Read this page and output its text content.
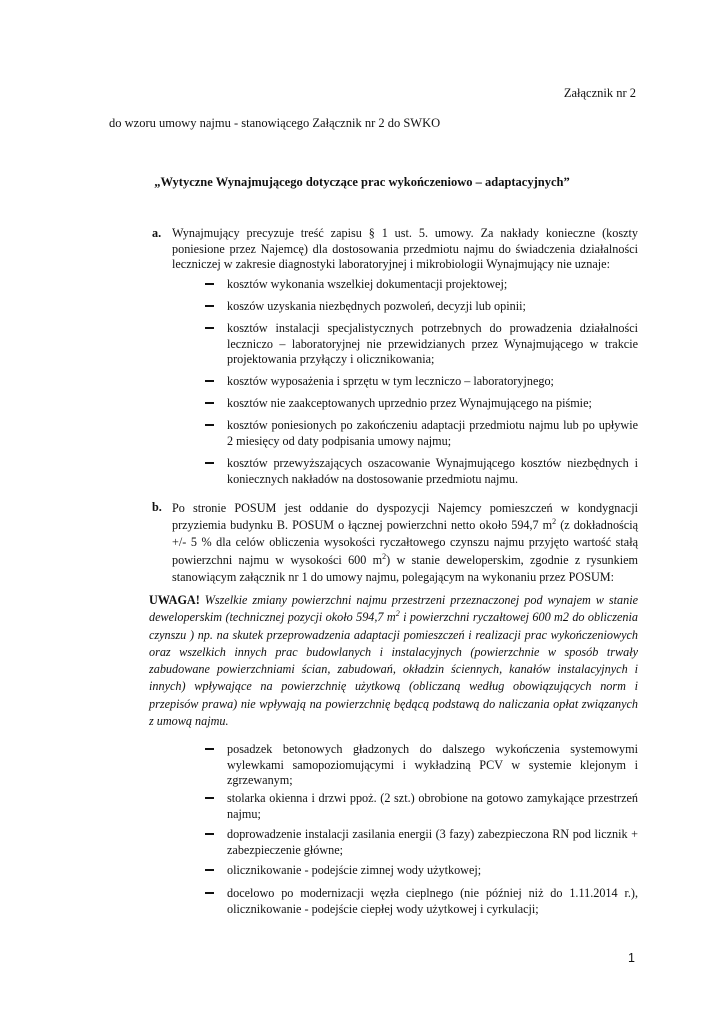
Załącznik nr 2
do wzoru umowy najmu - stanowiącego Załącznik nr 2 do SWKO
„Wytyczne Wynajmującego dotyczące prac wykończeniowo – adaptacyjnych”
a. Wynajmujący precyzuje treść zapisu § 1 ust. 5. umowy. Za nakłady konieczne (koszty poniesione przez Najemcę) dla dostosowania przedmiotu najmu do świadczenia działalności leczniczej w zakresie diagnostyki laboratoryjnej i mikrobiologii Wynajmujący nie uznaje:
kosztów wykonania wszelkiej dokumentacji projektowej;
koszów uzyskania niezbędnych pozwoleń, decyzji lub opinii;
kosztów instalacji specjalistycznych potrzebnych do prowadzenia działalności leczniczo – laboratoryjnej nie przewidzianych przez Wynajmującego w trakcie projektowania przyłączy i olicznikowania;
kosztów wyposażenia i sprzętu w tym leczniczo – laboratoryjnego;
kosztów nie zaakceptowanych uprzednio przez Wynajmującego na piśmie;
kosztów poniesionych po zakończeniu adaptacji przedmiotu najmu lub po upływie 2 miesięcy od daty podpisania umowy najmu;
kosztów przewyższających oszacowanie Wynajmującego kosztów niezbędnych i koniecznych nakładów na dostosowanie przedmiotu najmu.
b. Po stronie POSUM jest oddanie do dyspozycji Najemcy pomieszczeń w kondygnacji przyziemia budynku B. POSUM o łącznej powierzchni netto około 594,7 $m^2$ (z dokładnością +/- 5 % dla celów obliczenia wysokości ryczałtowego czynszu najmu przyjęto wartość stałą powierzchni najmu w wysokości 600 $m^2$) w stanie deweloperskim, zgodnie z rysunkiem stanowiącym załącznik nr 1 do umowy najmu, polegającym na wykonaniu przez POSUM:
UWAGA! Wszelkie zmiany powierzchni najmu przestrzeni przeznaczonej pod wynajem w stanie deweloperskim (technicznej pozycji około 594,7 $m^2$ i powierzchni ryczałtowej 600 m2 do obliczenia czynszu ) np. na skutek przeprowadzenia adaptacji pomieszczeń i realizacji prac wykończeniowych oraz wszelkich innych prac budowlanych i instalacyjnych (powierzchnie w sposób trwały zabudowane powierzchniami ścian, zabudowań, okładzin ściennych, kanałów instalacyjnych i innych) wpływające na powierzchnię użytkową (obliczaną według obowiązujących norm i przepisów prawa) nie wpływają na powierzchnię będącą podstawą do naliczania opłat związanych z umową najmu.
posadzek betonowych gładzonych do dalszego wykończenia systemowymi wylewkami samopoziomującymi i wykładziną PCV w systemie klejonym i zgrzewanym;
stolarka okienna i drzwi ppoż. (2 szt.) obrobione na gotowo zamykające przestrzeń najmu;
doprowadzenie instalacji zasilania energii (3 fazy) zabezpieczona RN pod licznik + zabezpieczenie główne;
olicznikowanie - podejście zimnej wody użytkowej;
docelowo po modernizacji węzła cieplnego (nie później niż do 1.11.2014 r.), olicznikowanie - podejście ciepłej wody użytkowej i cyrkulacji;
1
